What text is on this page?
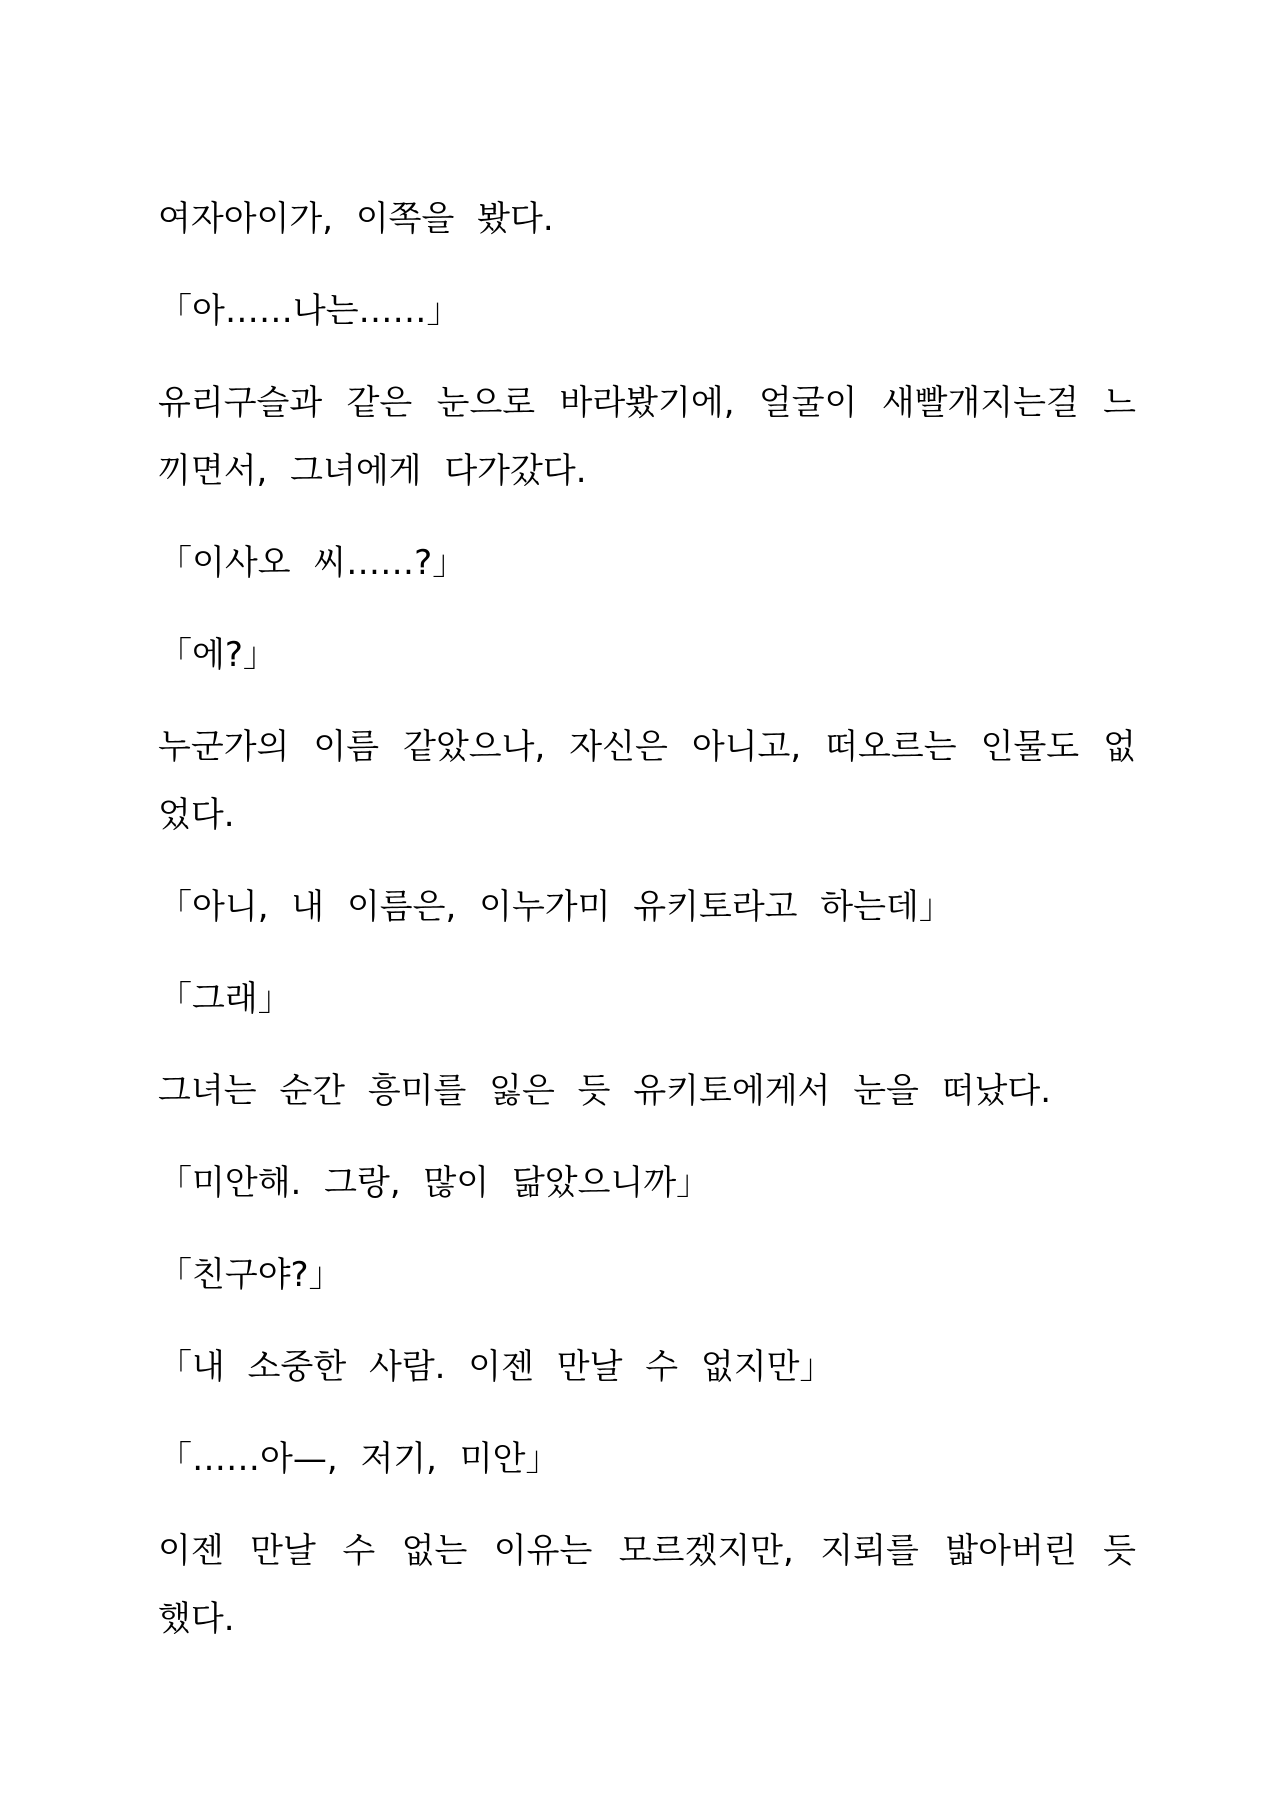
여자아이가, 이쪽을 봤다.

「아……나는……」

유리구슬과 같은 눈으로 바라봤기에, 얼굴이 새빨개지는걸 느끼면서, 그녀에게 다가갔다.

「이사오 씨……?」

「에?」

누군가의 이름 같았으나, 자신은 아니고, 떠오르는 인물도 없었다.

「아니, 내 이름은, 이누가미 유키토라고 하는데」

「그래」

그녀는 순간 흥미를 잃은 듯 유키토에게서 눈을 떠났다.

「미안해. 그랑, 많이 닮았으니까」

「친구야?」

「내 소중한 사람. 이젠 만날 수 없지만」

「……아—, 저기, 미안」

이젠 만날 수 없는 이유는 모르겠지만, 지뢰를 밟아버린 듯했다.
